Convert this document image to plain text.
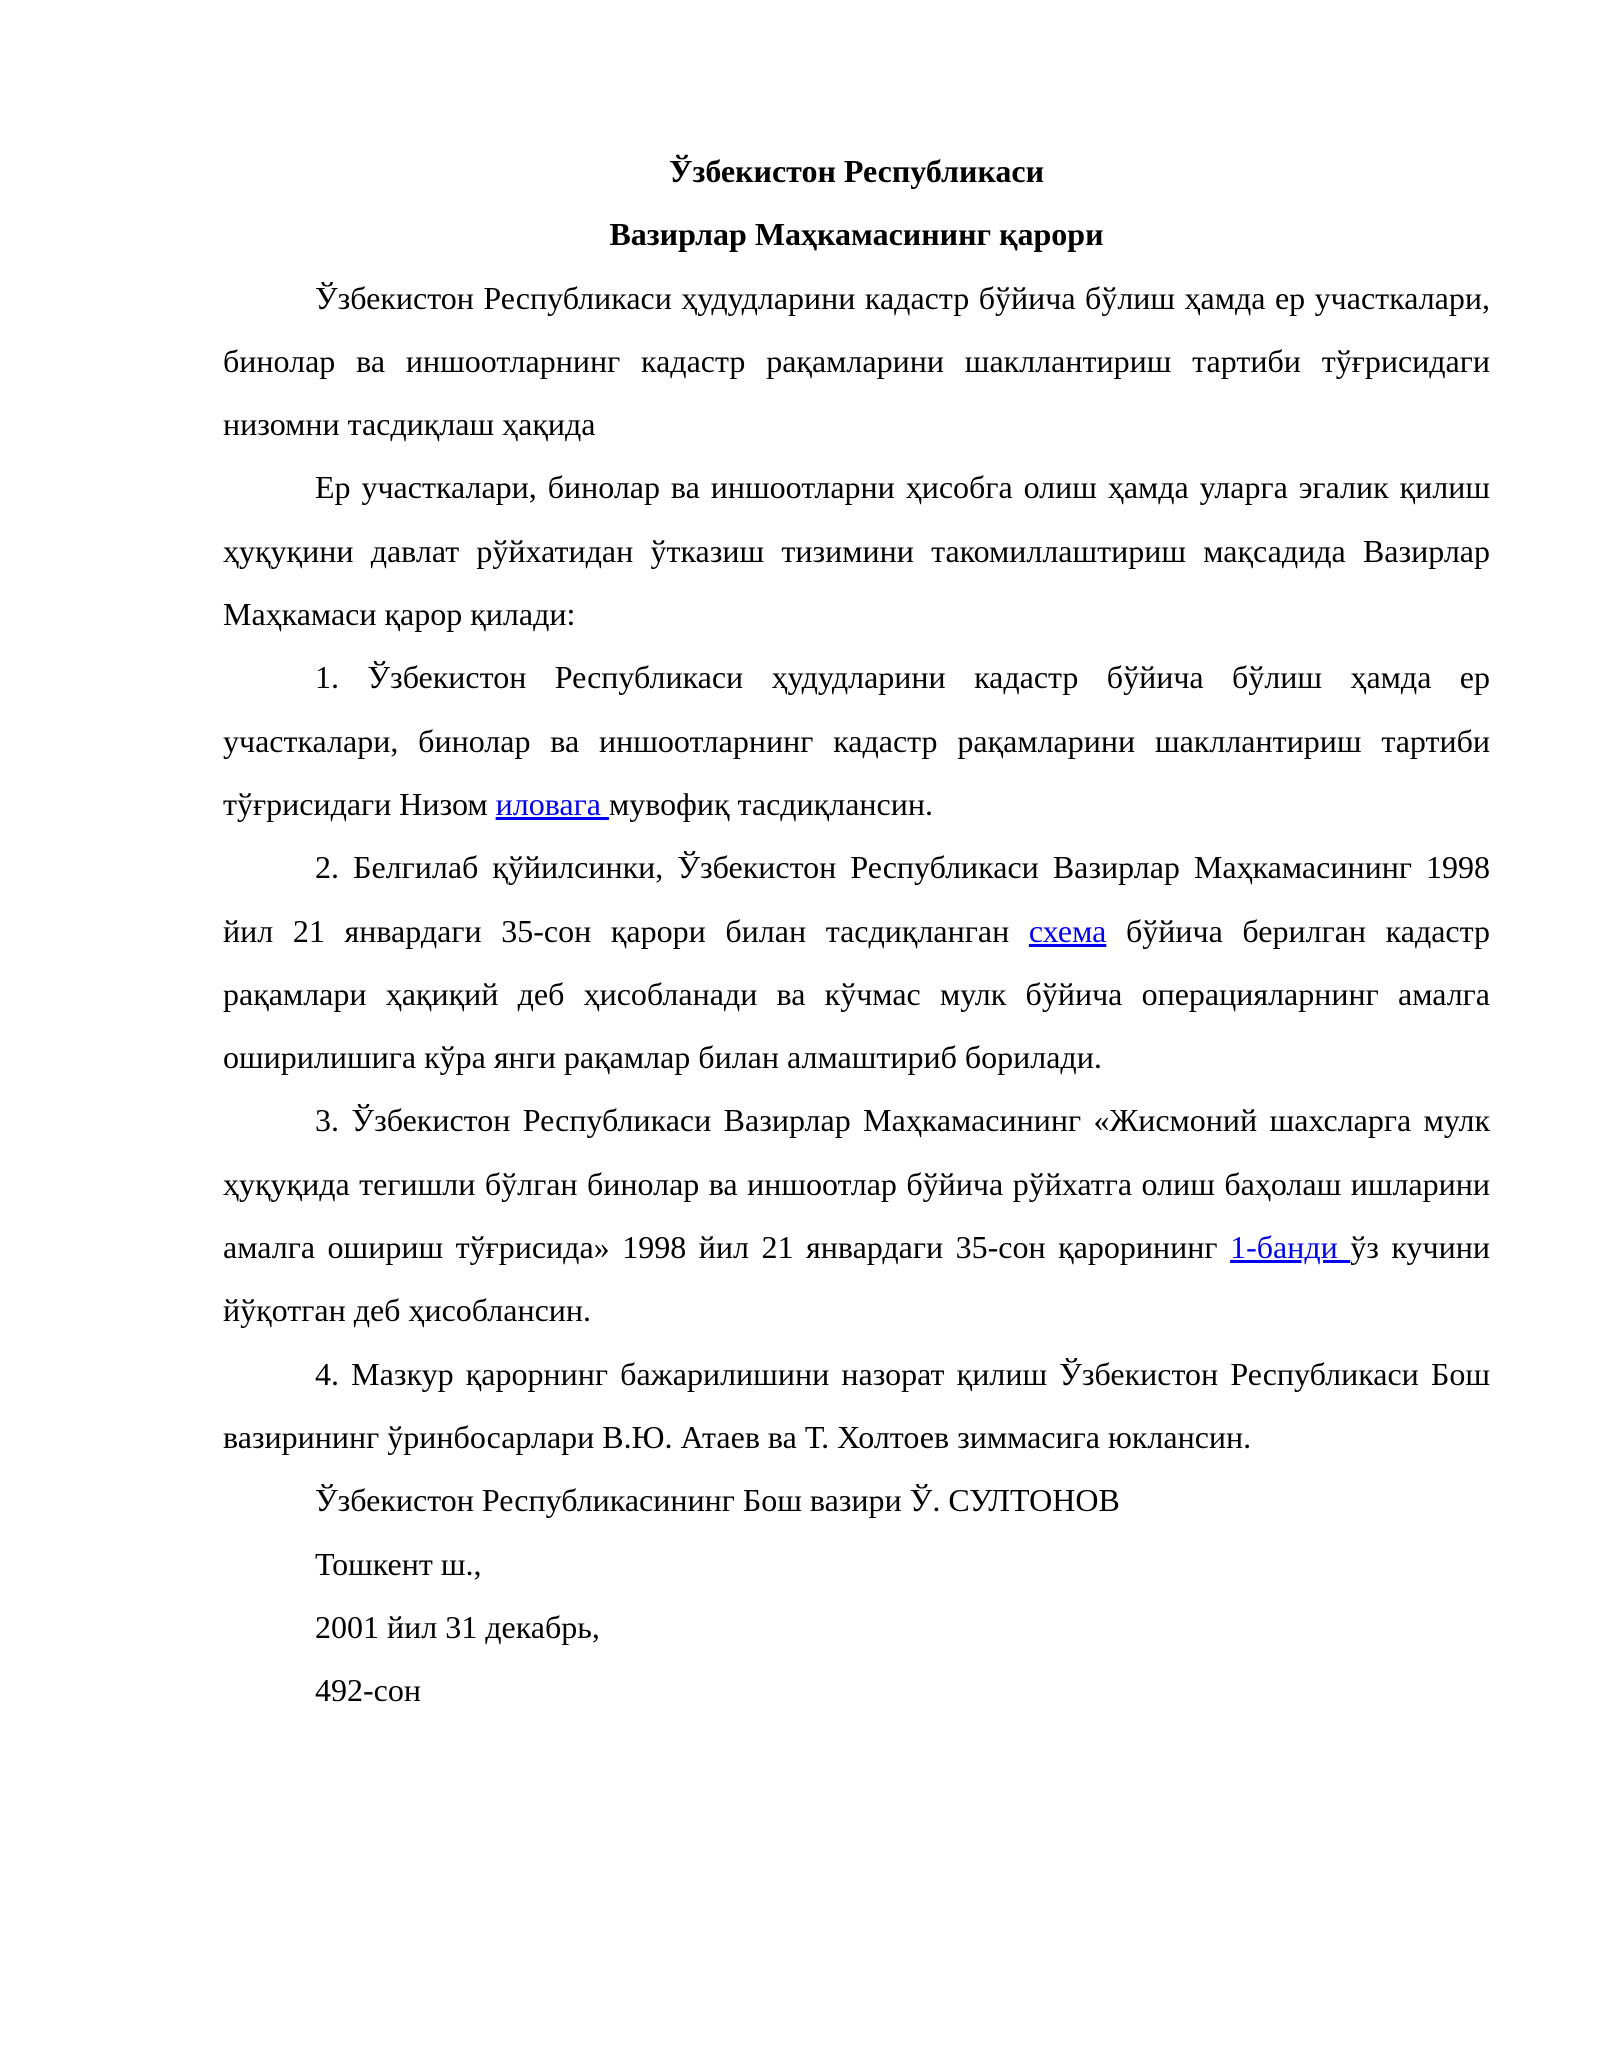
Ўзбекистон Республикаси

Вазирлар Маҳкамасининг қарори

Ўзбекистон Республикаси ҳудудларини кадастр бўйича бўлиш ҳамда ер участкалари, бинолар ва иншоотларнинг кадастр рақамларини шакллантириш тартиби тўғрисидаги низомни тасдиқлаш ҳақида

Ер участкалари, бинолар ва иншоотларни ҳисобга олиш ҳамда уларга эгалик қилиш ҳуқуқини давлат рўйхатидан ўтказиш тизимини такомиллаштириш мақсадида Вазирлар Маҳкамаси қарор қилади:

1. Ўзбекистон Республикаси ҳудудларини кадастр бўйича бўлиш ҳамда ер участкалари, бинолар ва иншоотларнинг кадастр рақамларини шакллантириш тартиби тўғрисидаги Низом иловага мувофиқ тасдиқлансин.

2. Белгилаб қўйилсинки, Ўзбекистон Республикаси Вазирлар Маҳкамасининг 1998 йил 21 январдаги 35-сон қарори билан тасдиқланган схема бўйича берилган кадастр рақамлари ҳақиқий деб ҳисобланади ва кўчмас мулк бўйича операцияларнинг амалга оширилишига кўра янги рақамлар билан алмаштириб борилади.

3. Ўзбекистон Республикаси Вазирлар Маҳкамасининг «Жисмоний шахсларга мулк ҳуқуқида тегишли бўлган бинолар ва иншоотлар бўйича рўйхатга олиш баҳолаш ишларини амалга ошириш тўғрисида» 1998 йил 21 январдаги 35-сон қарорининг 1-банди ўз кучини йўқотган деб ҳисоблансин.

4. Мазкур қарорнинг бажарилишини назорат қилиш Ўзбекистон Республикаси Бош вазирининг ўринбосарлари В.Ю. Атаев ва Т. Холтоев зиммасига юклансин.

Ўзбекистон Республикасининг Бош вазири Ў. СУЛТОНОВ

Тошкент ш.,

2001 йил 31 декабрь,

492-сон
